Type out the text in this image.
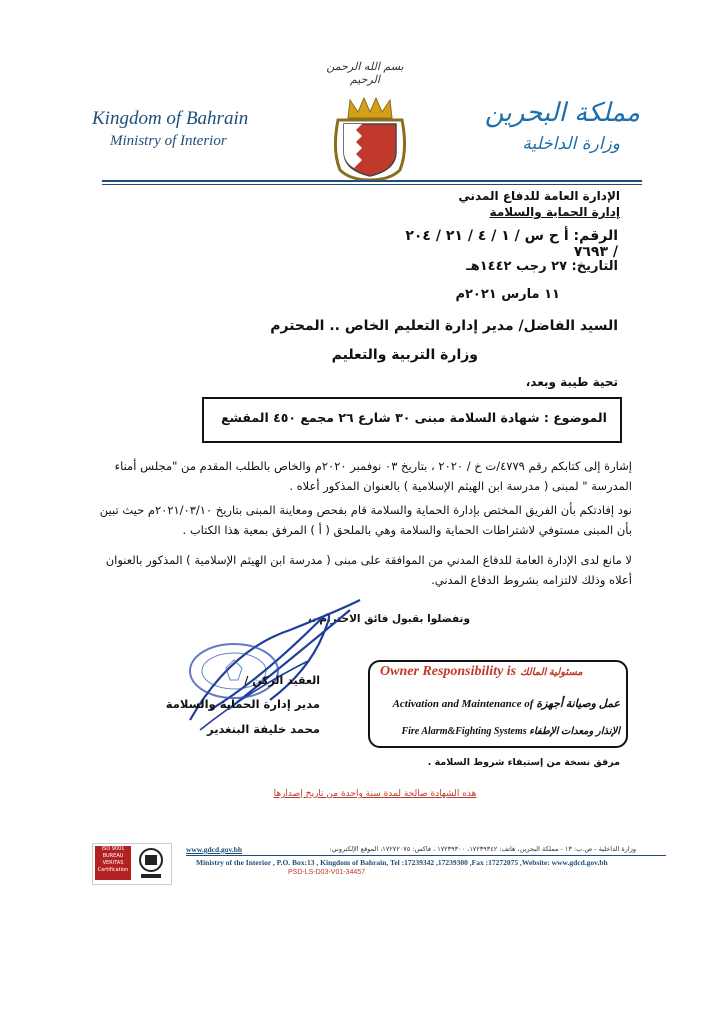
بسم الله الرحمن الرحيم
Kingdom of Bahrain
Ministry of Interior
مملكة البحرين
وزارة الداخلية
الإدارة العامة للدفاع المدني
إدارة الحماية والسلامة
الرقم: أ ح س / ١ / ٤ / ٢١ / ٢٠٤ / ٧٦٩٣
التاريخ: ٢٧ رجب ١٤٤٢هـ
١١ مارس ٢٠٢١م
السيد الفاضل/ مدير إدارة التعليم الخاص .. المحترم
وزارة التربية والتعليم
تحية طيبة وبعد،
الموضوع : شهادة السلامة مبنى ٣٠ شارع ٢٦ مجمع ٤٥٠ المقشع
إشارة إلى كتابكم رقم ٤٧٧٩/ت خ / ٢٠٢٠ ، بتاريخ ٠٣ نوفمبر ٢٠٢٠م والخاص بالطلب المقدم من "مجلس أمناء المدرسة " لمبنى ( مدرسة ابن الهيثم الإسلامية ) بالعنوان المذكور أعلاه .
نود إفادتكم بأن الفريق المختص بإدارة الحماية والسلامة قام بفحص ومعاينة المبنى بتاريخ ٢٠٢١/٠٣/١٠م حيث تبين بأن المبنى مستوفي لاشتراطات الحماية والسلامة وهي بالملحق ( أ ) المرفق بمعية هذا الكتاب .
لا مانع لدى الإدارة العامة للدفاع المدني من الموافقة على مبنى ( مدرسة ابن الهيثم الإسلامية ) المذكور بالعنوان أعلاه وذلك لالتزامه بشروط الدفاع المدني.
وتفضلوا بقبول فائق الاحترام ،،
العقيد الركن /
مدير إدارة الحماية والسلامة
محمد خليفة البنغدير
Owner Responsibility is مسئولية المالك
عمل وصيانة أجهزة Activation and Maintenance of
الإنذار ومعدات الإطفاء Fire Alarm&Fighting Systems
مرفق نسخة من إستيفاء شروط السلامة .
هذه الشهادة صالحة لمدة سنة واحدة من تاريخ إصدارها
ISO 9001 BUREAU VERITAS Certification
www.gdcd.gov.bh	وزارة الداخلية - ص.ب: ١٣ - مملكة البحرين، هاتف: ١٧٢٣٩٣٤٢، ١٧٢٣٩٣٠٠ ، فاكس: ١٧٢٧٢٠٧٥، الموقع الإلكتروني:
Ministry of the Interior , P.O. Box:13 , Kingdom of Bahrain, Tel :17239342 ,17239300 ,Fax :17272075 ,Website: www.gdcd.gov.bh
PSD-LS-D03-V01-34457
